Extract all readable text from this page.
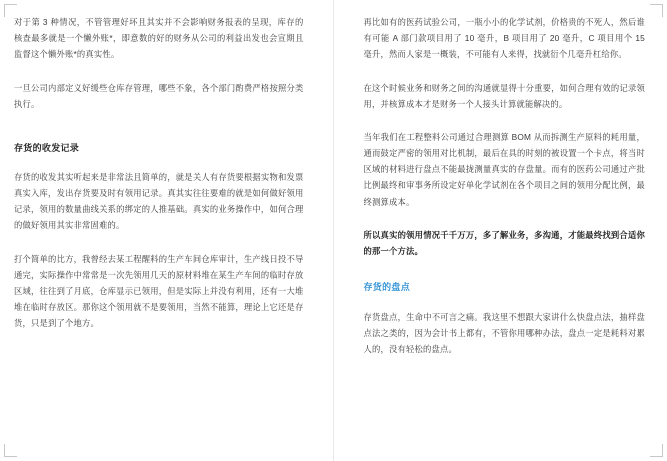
对于第 3 种情况，不管管理好坏且其实并不会影响财务报表的呈现，库存的核查最多就是一个懒外账*，即意数的好的财务从公司的利益出发也会宣期且监督这个懒外账*的真实性。

一旦公司内部定义好缓些仓库存管理，哪些不象，各个部门酌费严格按照分类执行。

存货的收发记录

存货的收发其实听起来是非常法且简单的，就是关人有存货要根据实物和发票真实入库，发出存货要及时有领用记录。真其实往往要难的就是如何做好领用记录，领用的数量曲线关系的绑定的人推基础。真实的业务操作中，如何合理的做好领用其实非常固难的。

打个简单的比方，我曾经去某工程醒料的生产车间仓库审计，生产线日投不导通完，实际操作中常常是一次先领用几天的原材料堆在某生产车间的临时存放区域，往往到了月底，仓库显示已领用，但是实际上并没有利用，还有一大堆堆在临时存放区。那你这个领用就不是要领用，当然不能算，理论上它还是存货，只是到了个地方。

再比如有的医药试验公司，一瓶小小的化学试剂，价格贵的不死人，然后谁有可能 A 部门款项目用了 10 毫升，B 项目用了 20 毫升，C 项目用个 15 毫升，然而人家是一概装，不可能有人来得，找就衍个几毫升杠给你。

在这个时候业务和财务之间的沟通就显得十分重要，如何合理有效的记录领用，并核算成本才是财务一个人接头计算就能解决的。

当年我们在工程整料公司通过合理测算 BOM 从而拆测生产原料的耗用量，通而鼓定严密的领用对比机制，最后在具的时刻的被设置一个卡点，将当时区域的材料进行盘点不能最拢测量真实的存盘量。而有的医药公司通过产批比例最终和审事务所设定好单化学试剂在各个项目之间的领用分配比例，最终测算成本。

所以真实的领用情况千千万万，多了解业务，多沟通，才能最终找到合适你的那一个方法。

存货的盘点

存货盘点，生命中不可言之痛。我这里不想跟大家讲什么快盘点法，抽样盘点法之类的，因为会计书上都有，不管你用哪种办法，盘点一定是耗料对累人的，没有轻松的盘点。
